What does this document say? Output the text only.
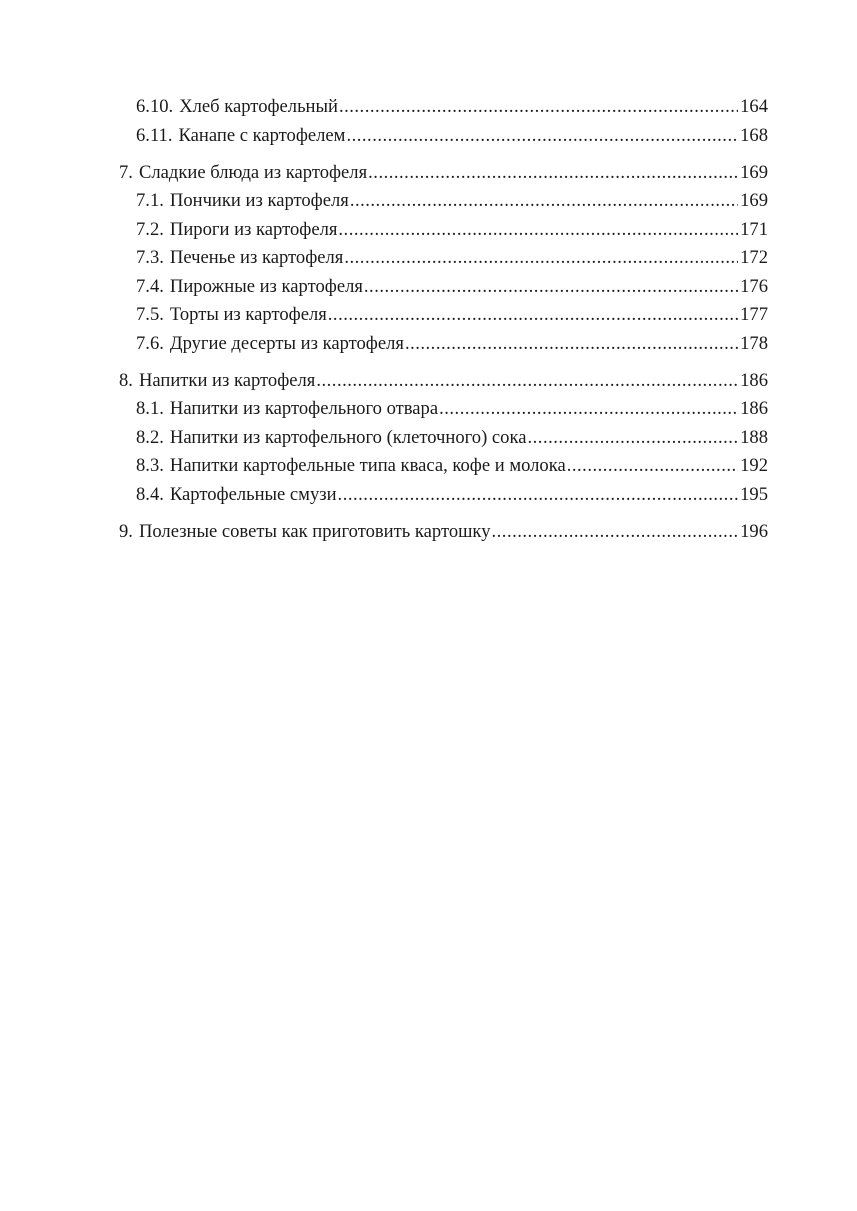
6.10. Хлеб картофельный .....	164
6.11. Канапе с картофелем .....	168
7. Сладкие блюда из картофеля .....	169
7.1. Пончики из картофеля .....	169
7.2. Пироги из картофеля .....	171
7.3. Печенье из картофеля .....	172
7.4. Пирожные из картофеля .....	176
7.5. Торты из картофеля .....	177
7.6. Другие десерты из картофеля .....	178
8. Напитки из картофеля .....	186
8.1. Напитки из картофельного отвара .....	186
8.2. Напитки из картофельного (клеточного) сока .....	188
8.3. Напитки картофельные типа кваса, кофе и молока .....	192
8.4. Картофельные смузи .....	195
9. Полезные советы как приготовить картошку .....	196
